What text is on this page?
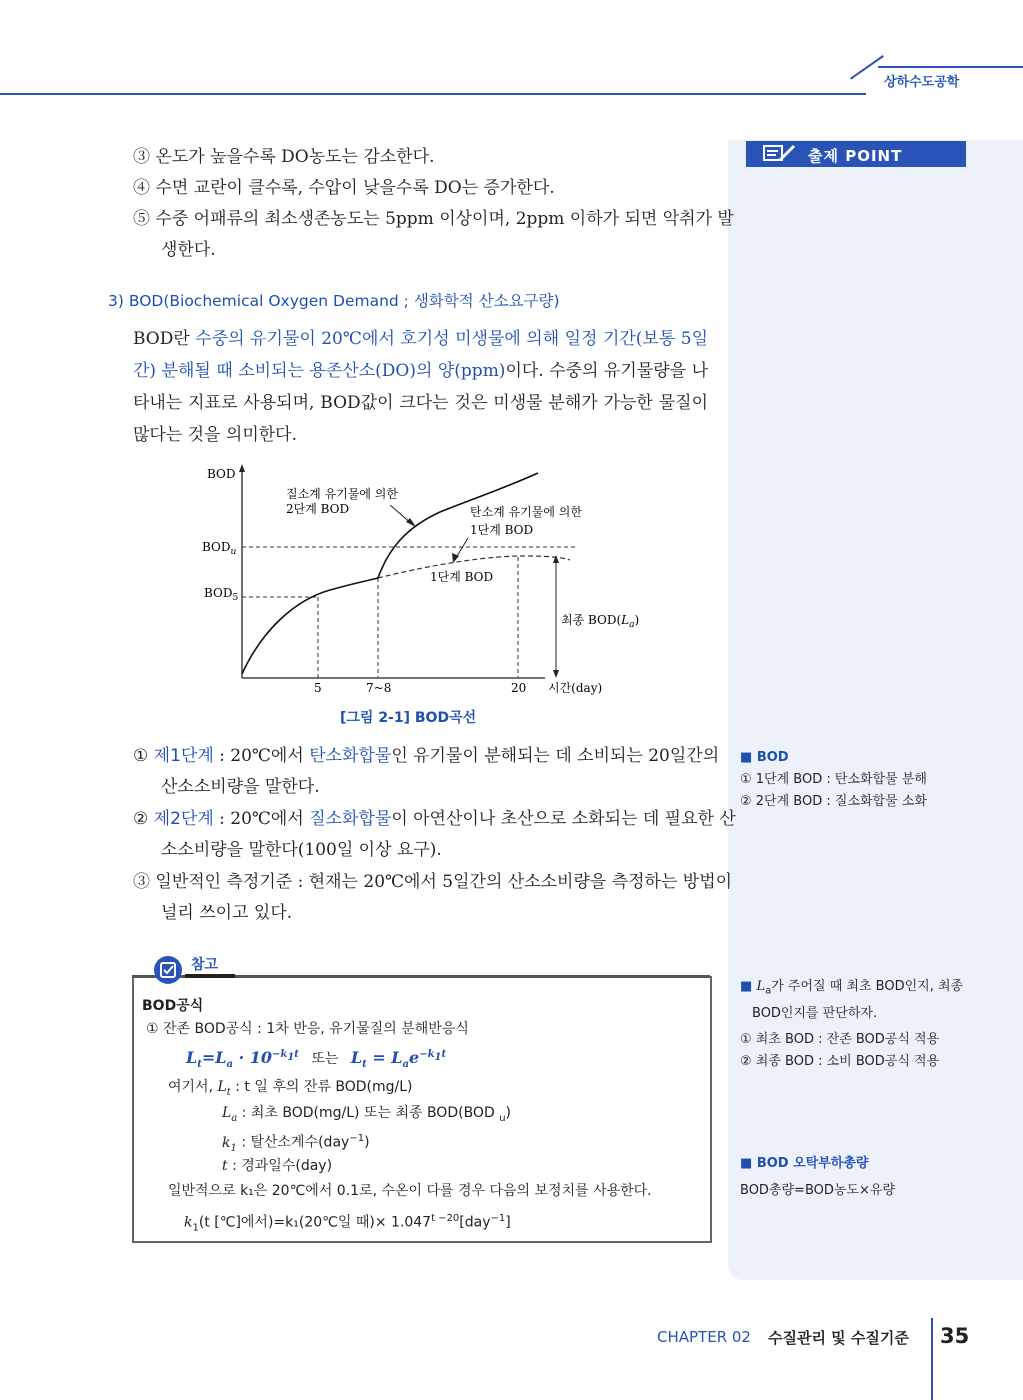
상하수도공학
출제 POINT
③ 온도가 높을수록 DO농도는 감소한다.
④ 수면 교란이 클수록, 수압이 낮을수록 DO는 증가한다.
⑤ 수중 어패류의 최소생존농도는 5ppm 이상이며, 2ppm 이하가 되면 악취가 발생한다.
3) BOD(Biochemical Oxygen Demand ; 생화학적 산소요구량)
BOD란 수중의 유기물이 20℃에서 호기성 미생물에 의해 일정 기간(보통 5일간) 분해될 때 소비되는 용존산소(DO)의 양(ppm)이다. 수중의 유기물량을 나타내는 지표로 사용되며, BOD값이 크다는 것은 미생물 분해가 가능한 물질이 많다는 것을 의미한다.
BOD
$BOD_u$
$BOD_5$
5	7~8	20 시간(day)
질소계 유기물에 의한
2단계 BOD	탄소계 유기물에 의한
1단계 BOD
1단계 BOD
최종 $BOD(L_a)$
[그림 2-1] BOD곡선
① 제1단계 : 20℃에서 탄소화합물인 유기물이 분해되는 데 소비되는 20일간의 산소소비량을 말한다.
② 제2단계 : 20℃에서 질소화합물이 아연산이나 초산으로 소화되는 데 필요한 산소소비량을 말한다(100일 이상 요구).
③ 일반적인 측정기준 : 현재는 20℃에서 5일간의 산소소비량을 측정하는 방법이 널리 쓰이고 있다.
참고
BOD공식
① 잔존 BOD공식 : 1차 반응, 유기물질의 분해반응식
$L_t=L_a \cdot 10^{-k_1t}$ 또는 $L_t = L_ae^{-k_1t}$
여기서, $L_t$ : t 일 후의 잔류 BOD(mg/L)
$L_a$ : 최초 BOD(mg/L) 또는 최종 BOD(BOD $_u$)
$k_1$ : 탈산소계수(day$^{-1}$)
t : 경과일수(day)
일반적으로 k₁은 20℃에서 0.1로, 수온이 다를 경우 다음의 보정치를 사용한다.
$k_1(t$ [℃]에서)=k₁(20℃일 때)× $1.047^{t -20}[day^{-1}]$
■ BOD
① 1단계 BOD : 탄소화합물 분해
② 2단계 BOD : 질소화합물 소화
■ $L_a$가 주어질 때 최초 BOD인지, 최종
BOD인지를 판단하자.
① 최초 BOD : 잔존 BOD공식 적용
② 최종 BOD : 소비 BOD공식 적용
■ BOD 오탁부하총량
BOD총량=BOD농도×유량
CHAPTER 02 수질관리 및 수질기준 35
